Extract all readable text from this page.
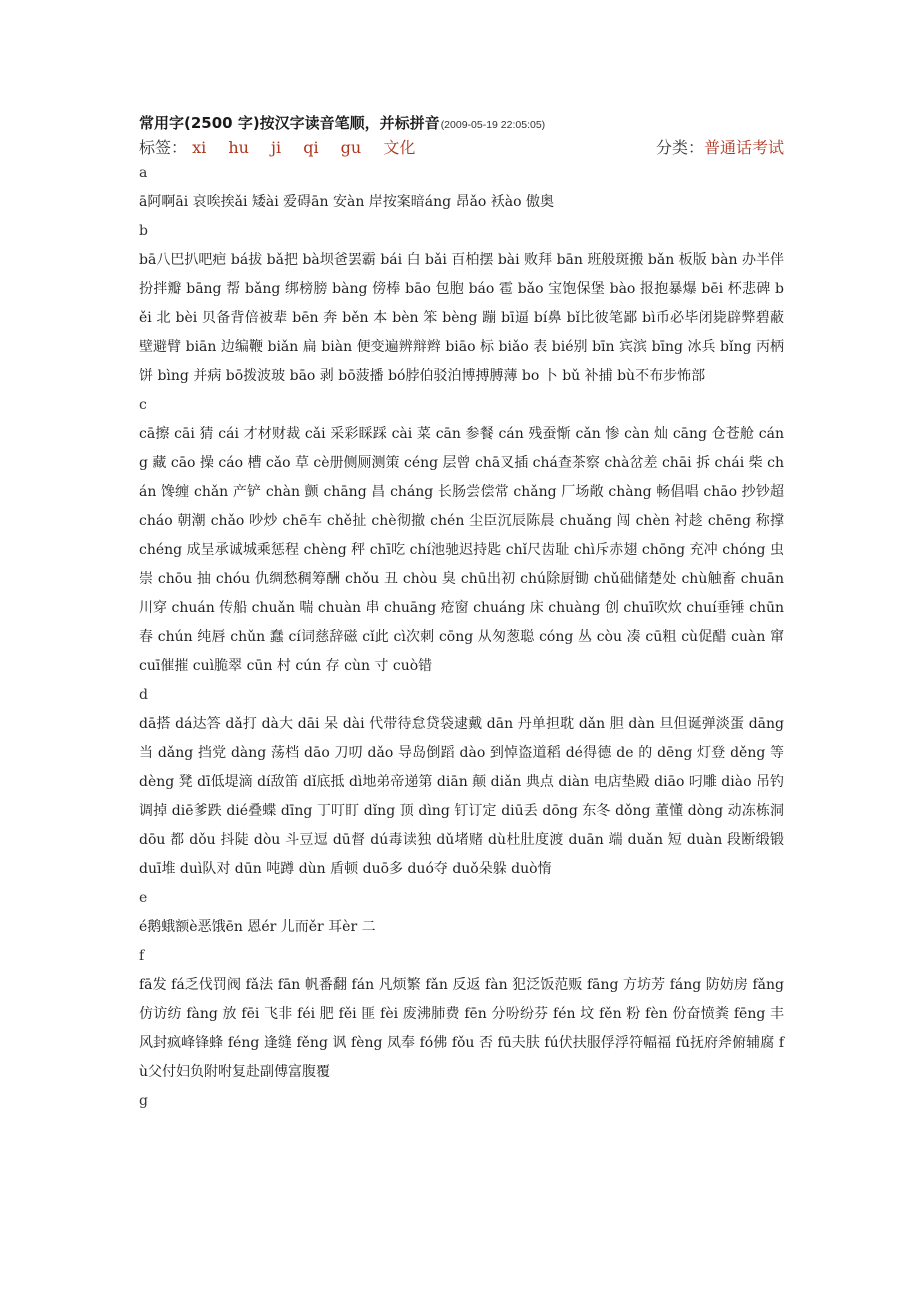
常用字(2500 字)按汉字读音笔顺，并标拼音 (2009-05-19 22:05:05)
标签： xi hu ji qi gu 文化	分类：普通话考试
a
ā阿啊āi 哀唉挨ǎi 矮ài 爱碍ān 安àn 岸按案暗áng 昂ǎo 袄ào 傲奥
b
bā八巴扒吧疤 bá拔 bǎ把 bà坝爸罢霸 bái 白 bǎi 百柏摆 bài 败拜 bān 班般斑搬 bǎn 板版 bàn 办半伴扮拌瓣 bāng 帮 bǎng 绑榜膀 bàng 傍棒 bāo 包胞 báo 雹 bǎo 宝饱保堡 bào 报抱暴爆 bēi 杯悲碑 běi 北 bèi 贝备背倍被辈 bēn 奔 běn 本 bèn 笨 bèng 蹦 bī逼 bí鼻 bǐ比彼笔鄙 bì币必毕闭毙辟弊碧蔽壁避臂 biān 边编鞭 biǎn 扁 biàn 便变遍辨辩辫 biāo 标 biǎo 表 bié别 bīn 宾滨 bīng 冰兵 bǐng 丙柄饼 bìng 并病 bō拨波玻 bāo 剥 bō菠播 bó脖伯驳泊博搏膊薄 bo 卜 bǔ 补捕 bù不布步怖部
c
cā擦 cāi 猜 cái 才材财裁 cǎi 采彩睬踩 cài 菜 cān 参餐 cán 残蚕惭 cǎn 惨 càn 灿 cāng 仓苍舱 cáng 藏 cāo 操 cáo 槽 cǎo 草 cè册侧厕测策 céng 层曾 chā叉插 chá查茶察 chà岔差 chāi 拆 chái 柴 chán 馋缠 chǎn 产铲 chàn 颤 chāng 昌 cháng 长肠尝偿常 chǎng 厂场敞 chàng 畅倡唱 chāo 抄钞超 cháo 朝潮 chǎo 吵炒 chē车 chě扯 chè彻撤 chén 尘臣沉辰陈晨 chuǎng 闯 chèn 衬趁 chēng 称撑 chéng 成呈承诚城乘惩程 chèng 秤 chī吃 chí池驰迟持匙 chǐ尺齿耻 chì斥赤翅 chōng 充冲 chóng 虫崇 chōu 抽 chóu 仇绸愁稠筹酬 chǒu 丑 chòu 臭 chū出初 chú除厨锄 chǔ础储楚处 chù触畜 chuān 川穿 chuán 传船 chuǎn 喘 chuàn 串 chuāng 疮窗 chuáng 床 chuàng 创 chuī吹炊 chuí垂锤 chūn 春 chún 纯唇 chǔn 蠢 cí词慈辞磁 cǐ此 cì次刺 cōng 从匆葱聪 cóng 丛 còu 凑 cū粗 cù促醋 cuàn 窜 cuī催摧 cuì脆翠 cūn 村 cún 存 cùn 寸 cuò错
d
dā搭 dá达答 dǎ打 dà大 dāi 呆 dài 代带待怠贷袋逮戴 dān 丹单担耽 dǎn 胆 dàn 旦但诞弹淡蛋 dāng 当 dǎng 挡党 dàng 荡档 dāo 刀叨 dǎo 导岛倒蹈 dào 到悼盗道稻 dé得德 de 的 dēng 灯登 děng 等 dèng 凳 dī低堤滴 dí敌笛 dǐ底抵 dì地弟帝递第 diān 颠 diǎn 典点 diàn 电店垫殿 diāo 叼雕 diào 吊钓调掉 diē爹跌 dié叠蝶 dīng 丁叮盯 dǐng 顶 dìng 钉订定 diū丢 dōng 东冬 dǒng 董懂 dòng 动冻栋洞 dōu 都 dǒu 抖陡 dòu 斗豆逗 dū督 dú毒读独 dǔ堵赌 dù杜肚度渡 duān 端 duǎn 短 duàn 段断缎锻 duī堆 duì队对 dūn 吨蹲 dùn 盾顿 duō多 duó夺 duǒ朵躲 duò惰
e
é鹅蛾额è恶饿ēn 恩ér 儿而ěr 耳èr 二
f
fā发 fá乏伐罚阀 fǎ法 fān 帆番翻 fán 凡烦繁 fǎn 反返 fàn 犯泛饭范贩 fāng 方坊芳 fáng 防妨房 fǎng 仿访纺 fàng 放 fēi 飞非 féi 肥 fěi 匪 fèi 废沸肺费 fēn 分吩纷芬 fén 坟 fěn 粉 fèn 份奋愤粪 fēng 丰风封疯峰锋蜂 féng 逢缝 fěng 讽 fèng 凤奉 fó佛 fǒu 否 fū夫肤 fú伏扶服俘浮符幅福 fǔ抚府斧俯辅腐 fù父付妇负附咐复赴副傅富腹覆
g
